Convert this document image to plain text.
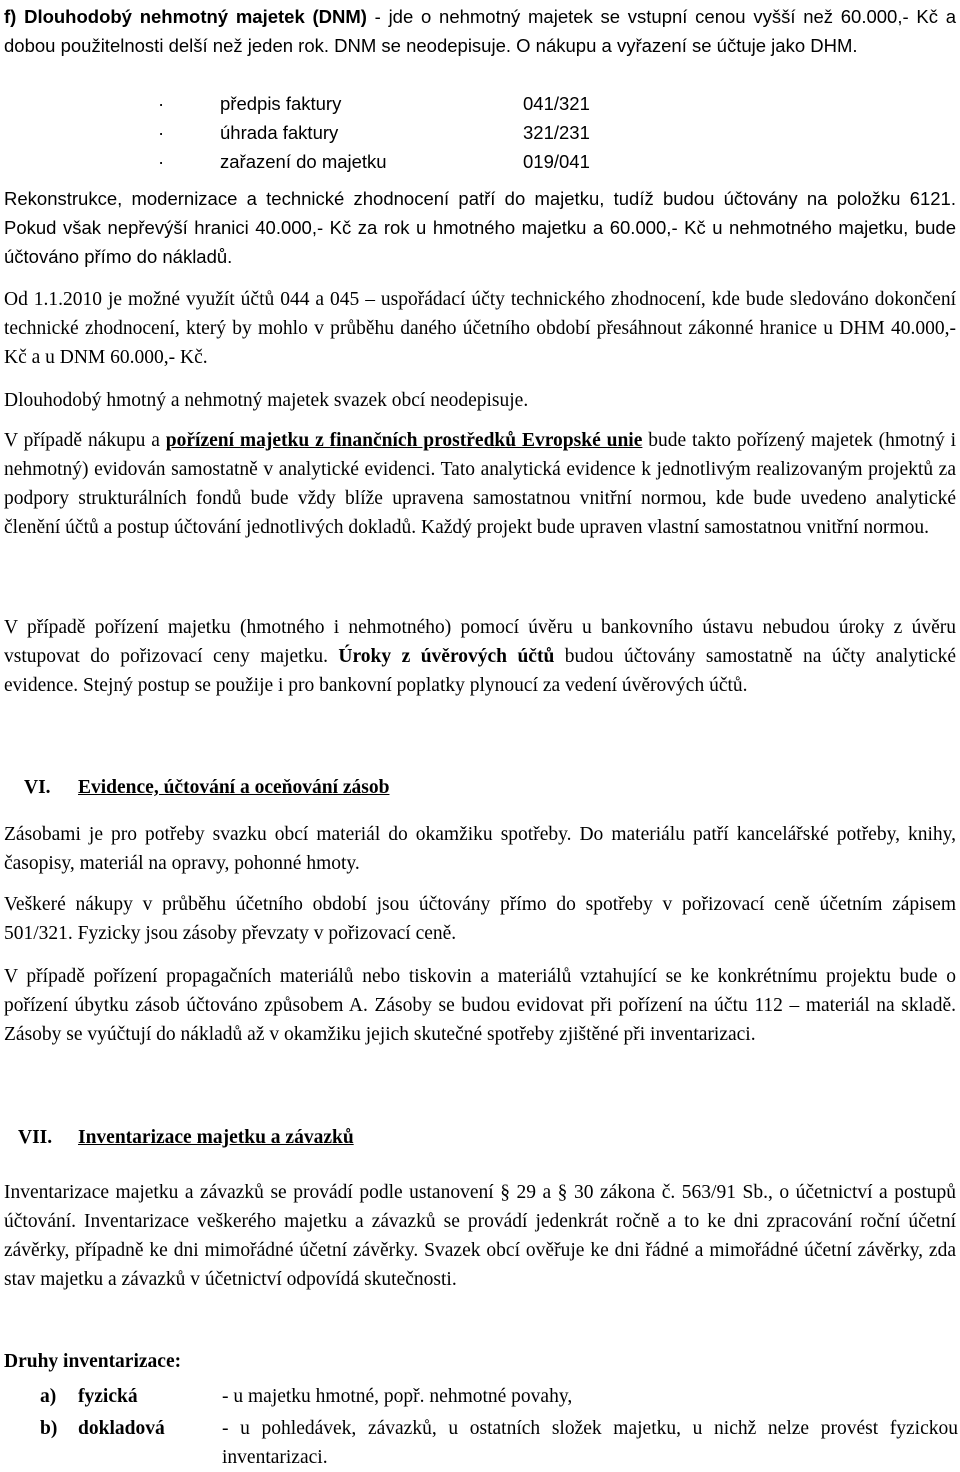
f) Dlouhodobý nehmotný majetek (DNM) - jde o nehmotný majetek se vstupní cenou vyšší než 60.000,- Kč a dobou použitelnosti delší než jeden rok. DNM se neodepisuje. O nákupu a vyřazení se účtuje jako DHM.

·	předpis faktury	041/321
·	úhrada faktury	321/231
·	zařazení do majetku	019/041

Rekonstrukce, modernizace a technické zhodnocení patří do majetku, tudíž budou účtovány na položku 6121. Pokud však nepřevýší hranici 40.000,- Kč za rok u hmotného majetku a 60.000,- Kč u nehmotného majetku, bude účtováno přímo do nákladů.

Od 1.1.2010 je možné využít účtů 044 a 045 – uspořádací účty technického zhodnocení, kde bude sledováno dokončení technické zhodnocení, který by mohlo v průběhu daného účetního období přesáhnout zákonné hranice u DHM 40.000,- Kč a u DNM 60.000,- Kč.

Dlouhodobý hmotný a nehmotný majetek svazek obcí neodepisuje.

V případě nákupu a pořízení majetku z finančních prostředků Evropské unie bude takto pořízený majetek (hmotný i nehmotný) evidován samostatně v analytické evidenci. Tato analytická evidence k jednotlivým realizovaným projektů za podpory strukturálních fondů bude vždy blíže upravena samostatnou vnitřní normou, kde bude uvedeno analytické členění účtů a postup účtování jednotlivých dokladů. Každý projekt bude upraven vlastní samostatnou vnitřní normou.

V případě pořízení majetku (hmotného i nehmotného) pomocí úvěru u bankovního ústavu nebudou úroky z úvěru vstupovat do pořizovací ceny majetku. Úroky z úvěrových účtů budou účtovány samostatně na účty analytické evidence. Stejný postup se použije i pro bankovní poplatky plynoucí za vedení úvěrových účtů.

VI. Evidence, účtování a oceňování zásob

Zásobami je pro potřeby svazku obcí materiál do okamžiku spotřeby. Do materiálu patří kancelářské potřeby, knihy, časopisy, materiál na opravy, pohonné hmoty.

Veškeré nákupy v průběhu účetního období jsou účtovány přímo do spotřeby v pořizovací ceně účetním zápisem 501/321. Fyzicky jsou zásoby převzaty v pořizovací ceně.

V případě pořízení propagačních materiálů nebo tiskovin a materiálů vztahující se ke konkrétnímu projektu bude o pořízení úbytku zásob účtováno způsobem A. Zásoby se budou evidovat při pořízení na účtu 112 – materiál na skladě. Zásoby se vyúčtují do nákladů až v okamžiku jejich skutečné spotřeby zjištěné při inventarizaci.

VII. Inventarizace majetku a závazků

Inventarizace majetku a závazků se provádí podle ustanovení § 29 a § 30 zákona č. 563/91 Sb., o účetnictví a postupů účtování. Inventarizace veškerého majetku a závazků se provádí jedenkrát ročně a to ke dni zpracování roční účetní závěrky, případně ke dni mimořádné účetní závěrky. Svazek obcí ověřuje ke dni řádné a mimořádné účetní závěrky, zda stav majetku a závazků v účetnictví odpovídá skutečnosti.

Druhy inventarizace:
a) fyzická	- u majetku hmotné, popř. nehmotné povahy,
b) dokladová	- u pohledávek, závazků, u ostatních složek majetku, u nichž nelze provést fyzickou inventarizaci.
